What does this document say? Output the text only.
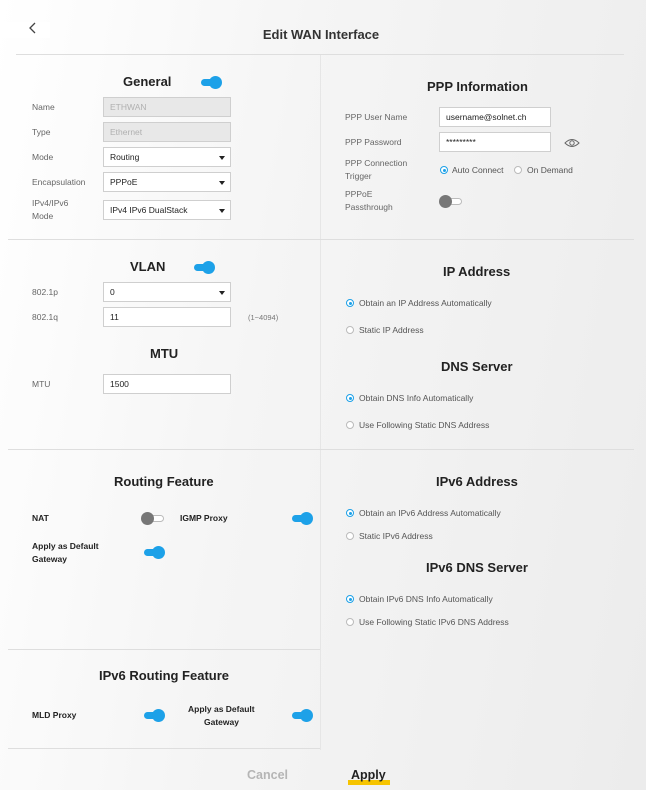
Edit WAN Interface
General
Name	ETHWAN
Type	Ethernet
Mode	Routing
Encapsulation	PPPoE
IPv4/IPv6
Mode
IPv4 IPv6 DualStack
PPP Information
PPP User Name	username@solnet.ch
PPP Password	*********
PPP Connection
Trigger
Auto Connect	On Demand
PPPoE
Passthrough
VLAN
802.1p	0
802.1q	11	(1~4094)
MTU
MTU	1500
IP Address
Obtain an IP Address Automatically
Static IP Address
DNS Server
Obtain DNS Info Automatically
Use Following Static DNS Address
Routing Feature
NAT	IGMP Proxy
Apply as Default
Gateway
IPv6 Address
Obtain an IPv6 Address Automatically
Static IPv6 Address
IPv6 DNS Server
Obtain IPv6 DNS Info Automatically
Use Following Static IPv6 DNS Address
IPv6 Routing Feature
MLD Proxy
Apply as Default
Gateway
Cancel	Apply
